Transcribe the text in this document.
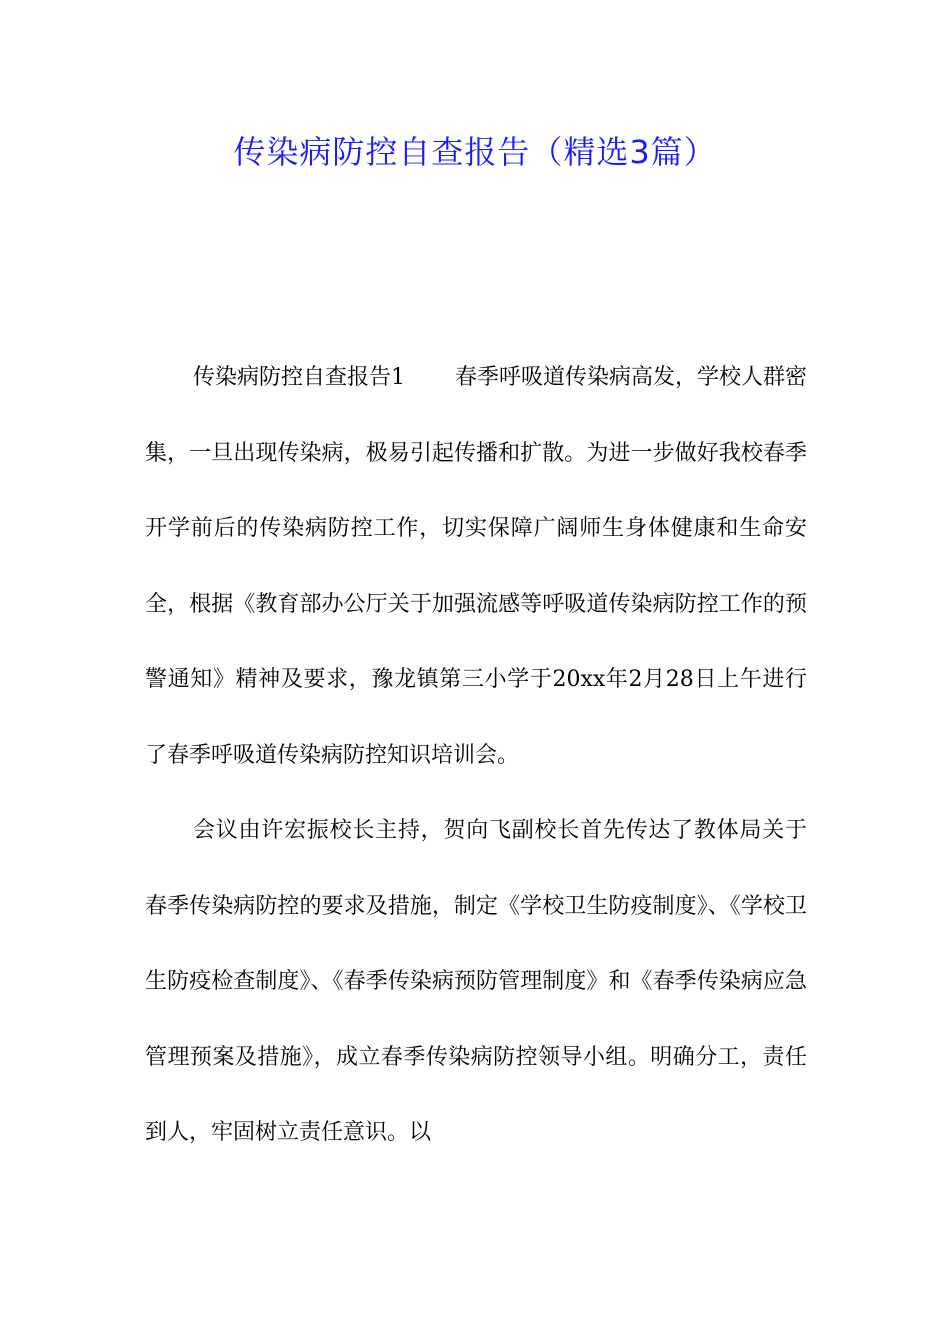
传染病防控自查报告（精选3篇）

传染病防控自查报告1 春季呼吸道传染病高发，学校人群密集，一旦出现传染病，极易引起传播和扩散。为进一步做好我校春季开学前后的传染病防控工作，切实保障广阔师生身体健康和生命安全，根据《教育部办公厅关于加强流感等呼吸道传染病防控工作的预警通知》精神及要求，豫龙镇第三小学于20xx年2月28日上午进行了春季呼吸道传染病防控知识培训会。

会议由许宏振校长主持，贺向飞副校长首先传达了教体局关于春季传染病防控的要求及措施，制定《学校卫生防疫制度》、《学校卫生防疫检查制度》、《春季传染病预防管理制度》和《春季传染病应急管理预案及措施》，成立春季传染病防控领导小组。明确分工，责任到人，牢固树立责任意识。以
